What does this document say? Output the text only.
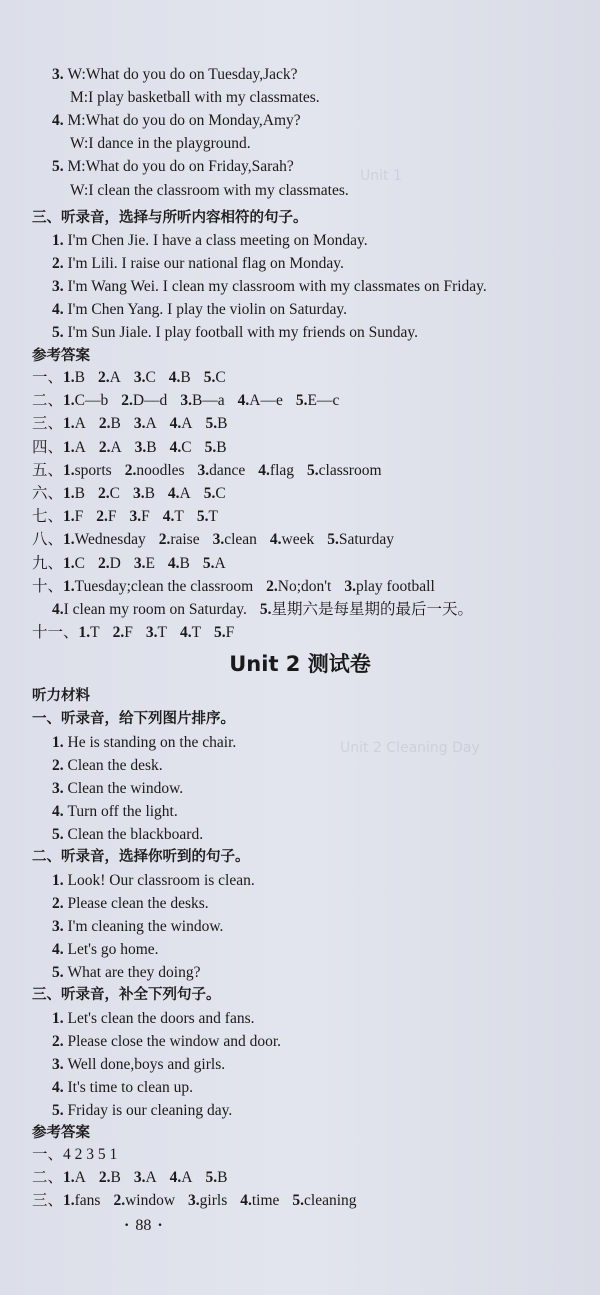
Unit 1
Unit 2 Cleaning Day
3. W:What do you do on Tuesday,Jack?
M:I play basketball with my classmates.
4. M:What do you do on Monday,Amy?
W:I dance in the playground.
5. M:What do you do on Friday,Sarah?
W:I clean the classroom with my classmates.
三、听录音，选择与所听内容相符的句子。
1. I'm Chen Jie. I have a class meeting on Monday.
2. I'm Lili. I raise our national flag on Monday.
3. I'm Wang Wei. I clean my classroom with my classmates on Friday.
4. I'm Chen Yang. I play the violin on Saturday.
5. I'm Sun Jiale. I play football with my friends on Sunday.
参考答案
一、1.B 2.A 3.C 4.B 5.C
二、1.C—b 2.D—d 3.B—a 4.A—e 5.E—c
三、1.A 2.B 3.A 4.A 5.B
四、1.A 2.A 3.B 4.C 5.B
五、1.sports 2.noodles 3.dance 4.flag 5.classroom
六、1.B 2.C 3.B 4.A 5.C
七、1.F 2.F 3.F 4.T 5.T
八、1.Wednesday 2.raise 3.clean 4.week 5.Saturday
九、1.C 2.D 3.E 4.B 5.A
十、1.Tuesday;clean the classroom 2.No;don't 3.play football
4.I clean my room on Saturday. 5.星期六是每星期的最后一天。
十一、1.T 2.F 3.T 4.T 5.F
Unit 2 测试卷
听力材料
一、听录音，给下列图片排序。
1. He is standing on the chair.
2. Clean the desk.
3. Clean the window.
4. Turn off the light.
5. Clean the blackboard.
二、听录音，选择你听到的句子。
1. Look! Our classroom is clean.
2. Please clean the desks.
3. I'm cleaning the window.
4. Let's go home.
5. What are they doing?
三、听录音，补全下列句子。
1. Let's clean the doors and fans.
2. Please close the window and door.
3. Well done,boys and girls.
4. It's time to clean up.
5. Friday is our cleaning day.
参考答案
一、4 2 3 5 1
二、1.A 2.B 3.A 4.A 5.B
三、1.fans 2.window 3.girls 4.time 5.cleaning
· 88 ·
